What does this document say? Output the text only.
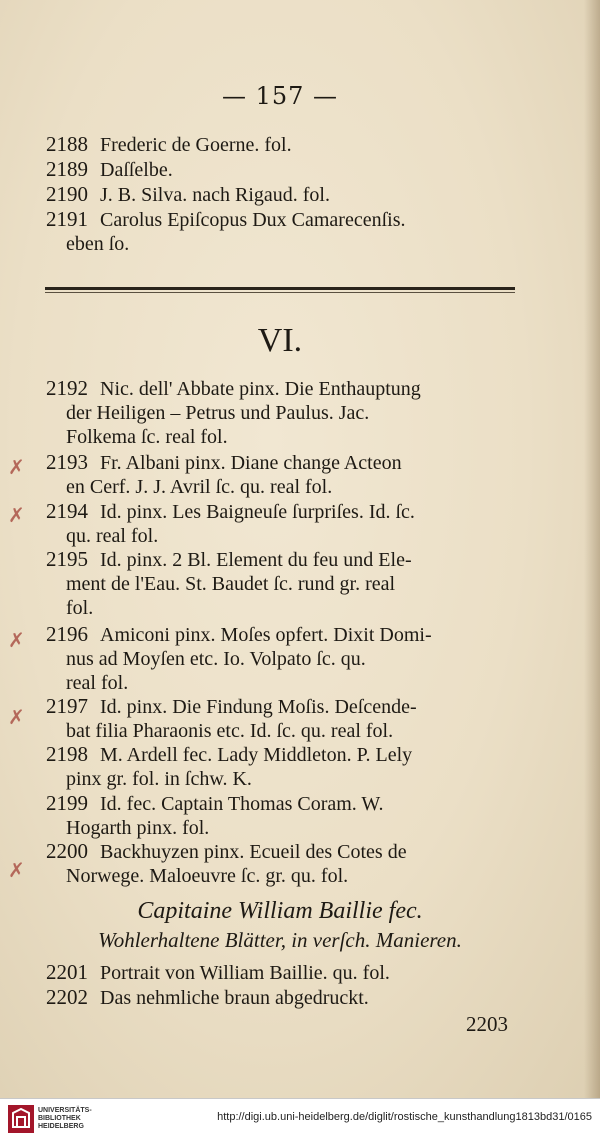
— 157 —
2188 Frederic de Goerne. fol.
2189 Daſſelbe.
2190 J. B. Silva. nach Rigaud. fol.
2191 Carolus Epiſcopus Dux Camarecenſis.
eben ſo.
VI.
2192 Nic. dell' Abbate pinx. Die Enthauptung
der Heiligen – Petrus und Paulus. Jac.
Folkema ſc. real fol.
✗ 2193 Fr. Albani pinx. Diane change Acteon
en Cerf. J. J. Avril ſc. qu. real fol.
✗ 2194 Id. pinx. Les Baigneuſe ſurpriſes. Id. ſc.
qu. real fol.
2195 Id. pinx. 2 Bl. Element du feu und Ele-
ment de l'Eau. St. Baudet ſc. rund gr. real
fol.
✗ 2196 Amiconi pinx. Moſes opfert. Dixit Domi-
nus ad Moyſen etc. Io. Volpato ſc. qu.
real fol.
✗ 2197 Id. pinx. Die Findung Moſis. Deſcende-
bat filia Pharaonis etc. Id. ſc. qu. real fol.
2198 M. Ardell fec. Lady Middleton. P. Lely
pinx gr. fol. in ſchw. K.
2199 Id. fec. Captain Thomas Coram. W.
Hogarth pinx. fol.
✗
2200 Backhuyzen pinx. Ecueil des Cotes de
Norwege. Maloeuvre ſc. gr. qu. fol.
Capitaine William Baillie fec.
Wohlerhaltene Blätter, in verſch. Manieren.
2201 Portrait von William Baillie. qu. fol.
2202 Das nehmliche braun abgedruckt.
2203
UNIVERSITÄTS-
BIBLIOTHEK
HEIDELBERG
http://digi.ub.uni-heidelberg.de/diglit/rostische_kunsthandlung1813bd31/0165
